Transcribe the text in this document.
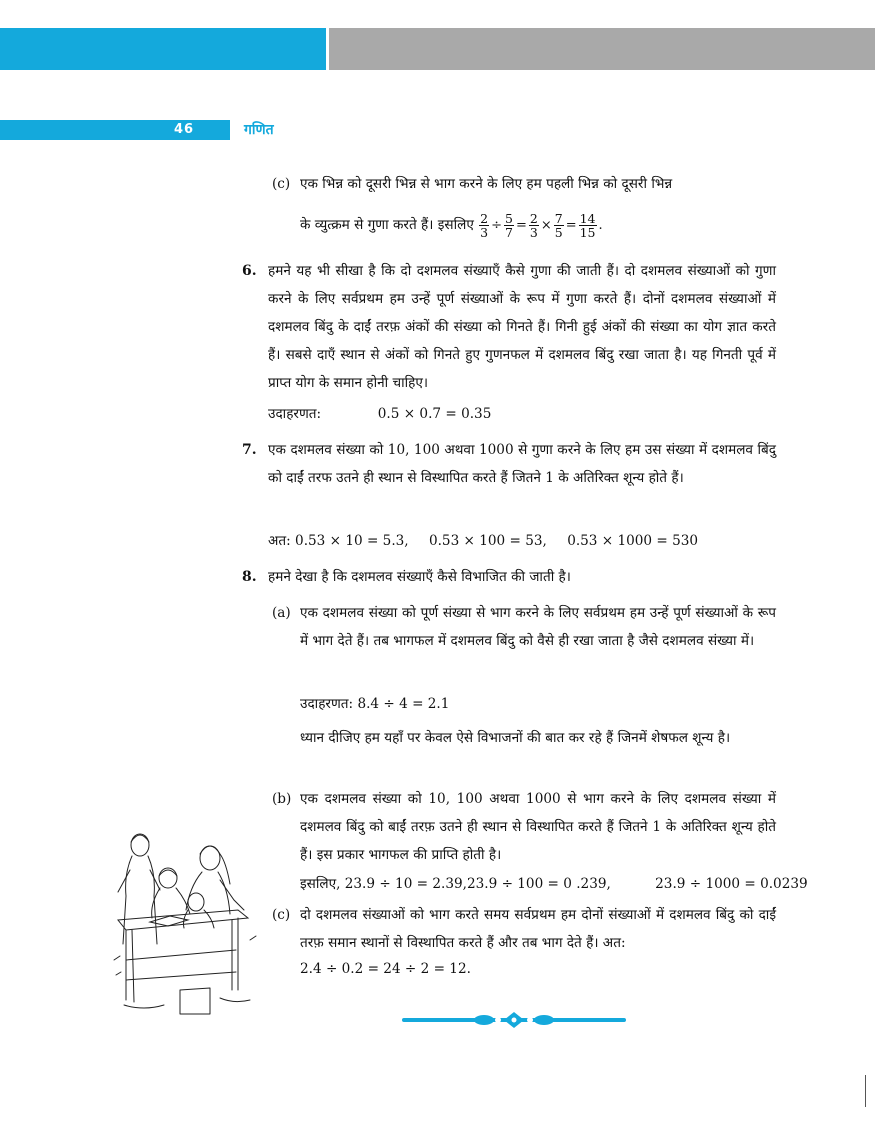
46	गणित
(c) एक भिन्न को दूसरी भिन्न से भाग करने के लिए हम पहली भिन्न को दूसरी भिन्न
के व्युत्क्रम से गुणा करते हैं। इसलिए $\frac{2}{3} \div \frac{5}{7} = \frac{2}{3} \times \frac{7}{5} = \frac{14}{15}$ .
6. हमने यह भी सीखा है कि दो दशमलव संख्याएँ कैसे गुणा की जाती हैं। दो दशमलव संख्याओं को गुणा करने के लिए सर्वप्रथम हम उन्हें पूर्ण संख्याओं के रूप में गुणा करते हैं। दोनों दशमलव संख्याओं में दशमलव बिंदु के दाईं तरफ़ अंकों की संख्या को गिनते हैं। गिनी हुई अंकों की संख्या का योग ज्ञात करते हैं। सबसे दाएँ स्थान से अंकों को गिनते हुए गुणनफल में दशमलव बिंदु रखा जाता है। यह गिनती पूर्व में प्राप्त योग के समान होनी चाहिए।
उदाहरणत:	0.5 × 0.7 = 0.35
7. एक दशमलव संख्या को 10, 100 अथवा 1000 से गुणा करने के लिए हम उस संख्या में दशमलव बिंदु को दाईं तरफ उतने ही स्थान से विस्थापित करते हैं जितने 1 के अतिरिक्त शून्य होते हैं।
अत: 0.53 × 10 = 5.3, 0.53 × 100 = 53, 0.53 × 1000 = 530
8. हमने देखा है कि दशमलव संख्याएँ कैसे विभाजित की जाती है।
(a) एक दशमलव संख्या को पूर्ण संख्या से भाग करने के लिए सर्वप्रथम हम उन्हें पूर्ण संख्याओं के रूप में भाग देते हैं। तब भागफल में दशमलव बिंदु को वैसे ही रखा जाता है जैसे दशमलव संख्या में।
उदाहरणत: 8.4 ÷ 4 = 2.1
ध्यान दीजिए हम यहाँ पर केवल ऐसे विभाजनों की बात कर रहे हैं जिनमें शेषफल शून्य है।
(b) एक दशमलव संख्या को 10, 100 अथवा 1000 से भाग करने के लिए दशमलव संख्या में दशमलव बिंदु को बाईं तरफ़ उतने ही स्थान से विस्थापित करते हैं जितने 1 के अतिरिक्त शून्य होते हैं। इस प्रकार भागफल की प्राप्ति होती है।
इसलिए, 23.9 ÷ 10 = 2.39,23.9 ÷ 100 = 0 .239,	23.9 ÷ 1000 = 0.0239
(c) दो दशमलव संख्याओं को भाग करते समय सर्वप्रथम हम दोनों संख्याओं में दशमलव बिंदु को दाईं तरफ़ समान स्थानों से विस्थापित करते हैं और तब भाग देते हैं। अत:
2.4 ÷ 0.2 = 24 ÷ 2 = 12.
